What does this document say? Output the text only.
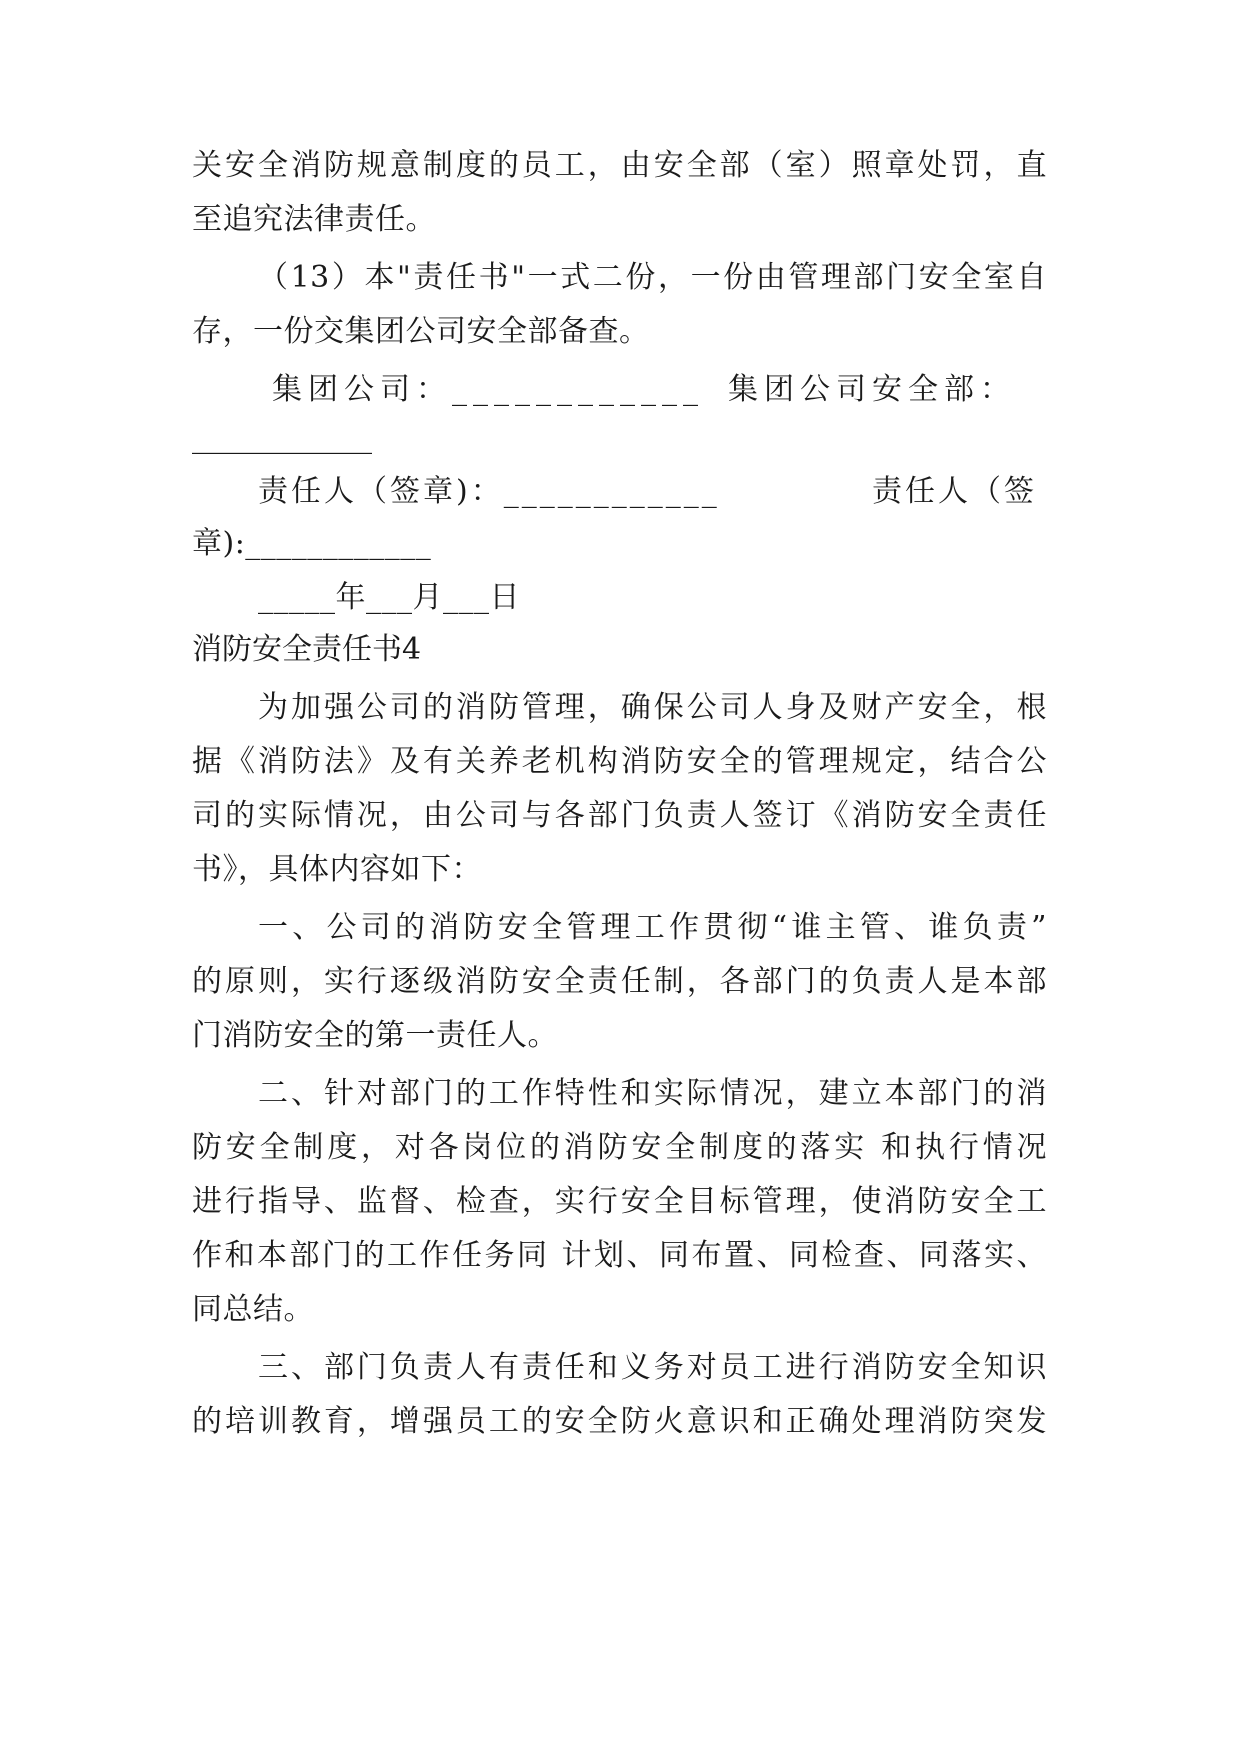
关安全消防规意制度的员工，由安全部（室）照章处罚，直
至追究法律责任。
（13）本"责任书"一式二份，一份由管理部门安全室自
存，一份交集团公司安全部备查。
集团公司：____________ 集团公司安全部：
____________
责任人（签章)：____________	责任人（签
章):____________
_____年___月___日
消防安全责任书4
为加强公司的消防管理，确保公司人身及财产安全，根
据《消防法》及有关养老机构消防安全的管理规定，结合公
司的实际情况，由公司与各部门负责人签订《消防安全责任
书》，具体内容如下：
一、公司的消防安全管理工作贯彻“谁主管、谁负责”
的原则，实行逐级消防安全责任制，各部门的负责人是本部
门消防安全的第一责任人。
二、针对部门的工作特性和实际情况，建立本部门的消
防安全制度，对各岗位的消防安全制度的落实 和执行情况
进行指导、监督、检查，实行安全目标管理，使消防安全工
作和本部门的工作任务同 计划、同布置、同检查、同落实、
同总结。
三、部门负责人有责任和义务对员工进行消防安全知识
的培训教育，增强员工的安全防火意识和正确处理消防突发
